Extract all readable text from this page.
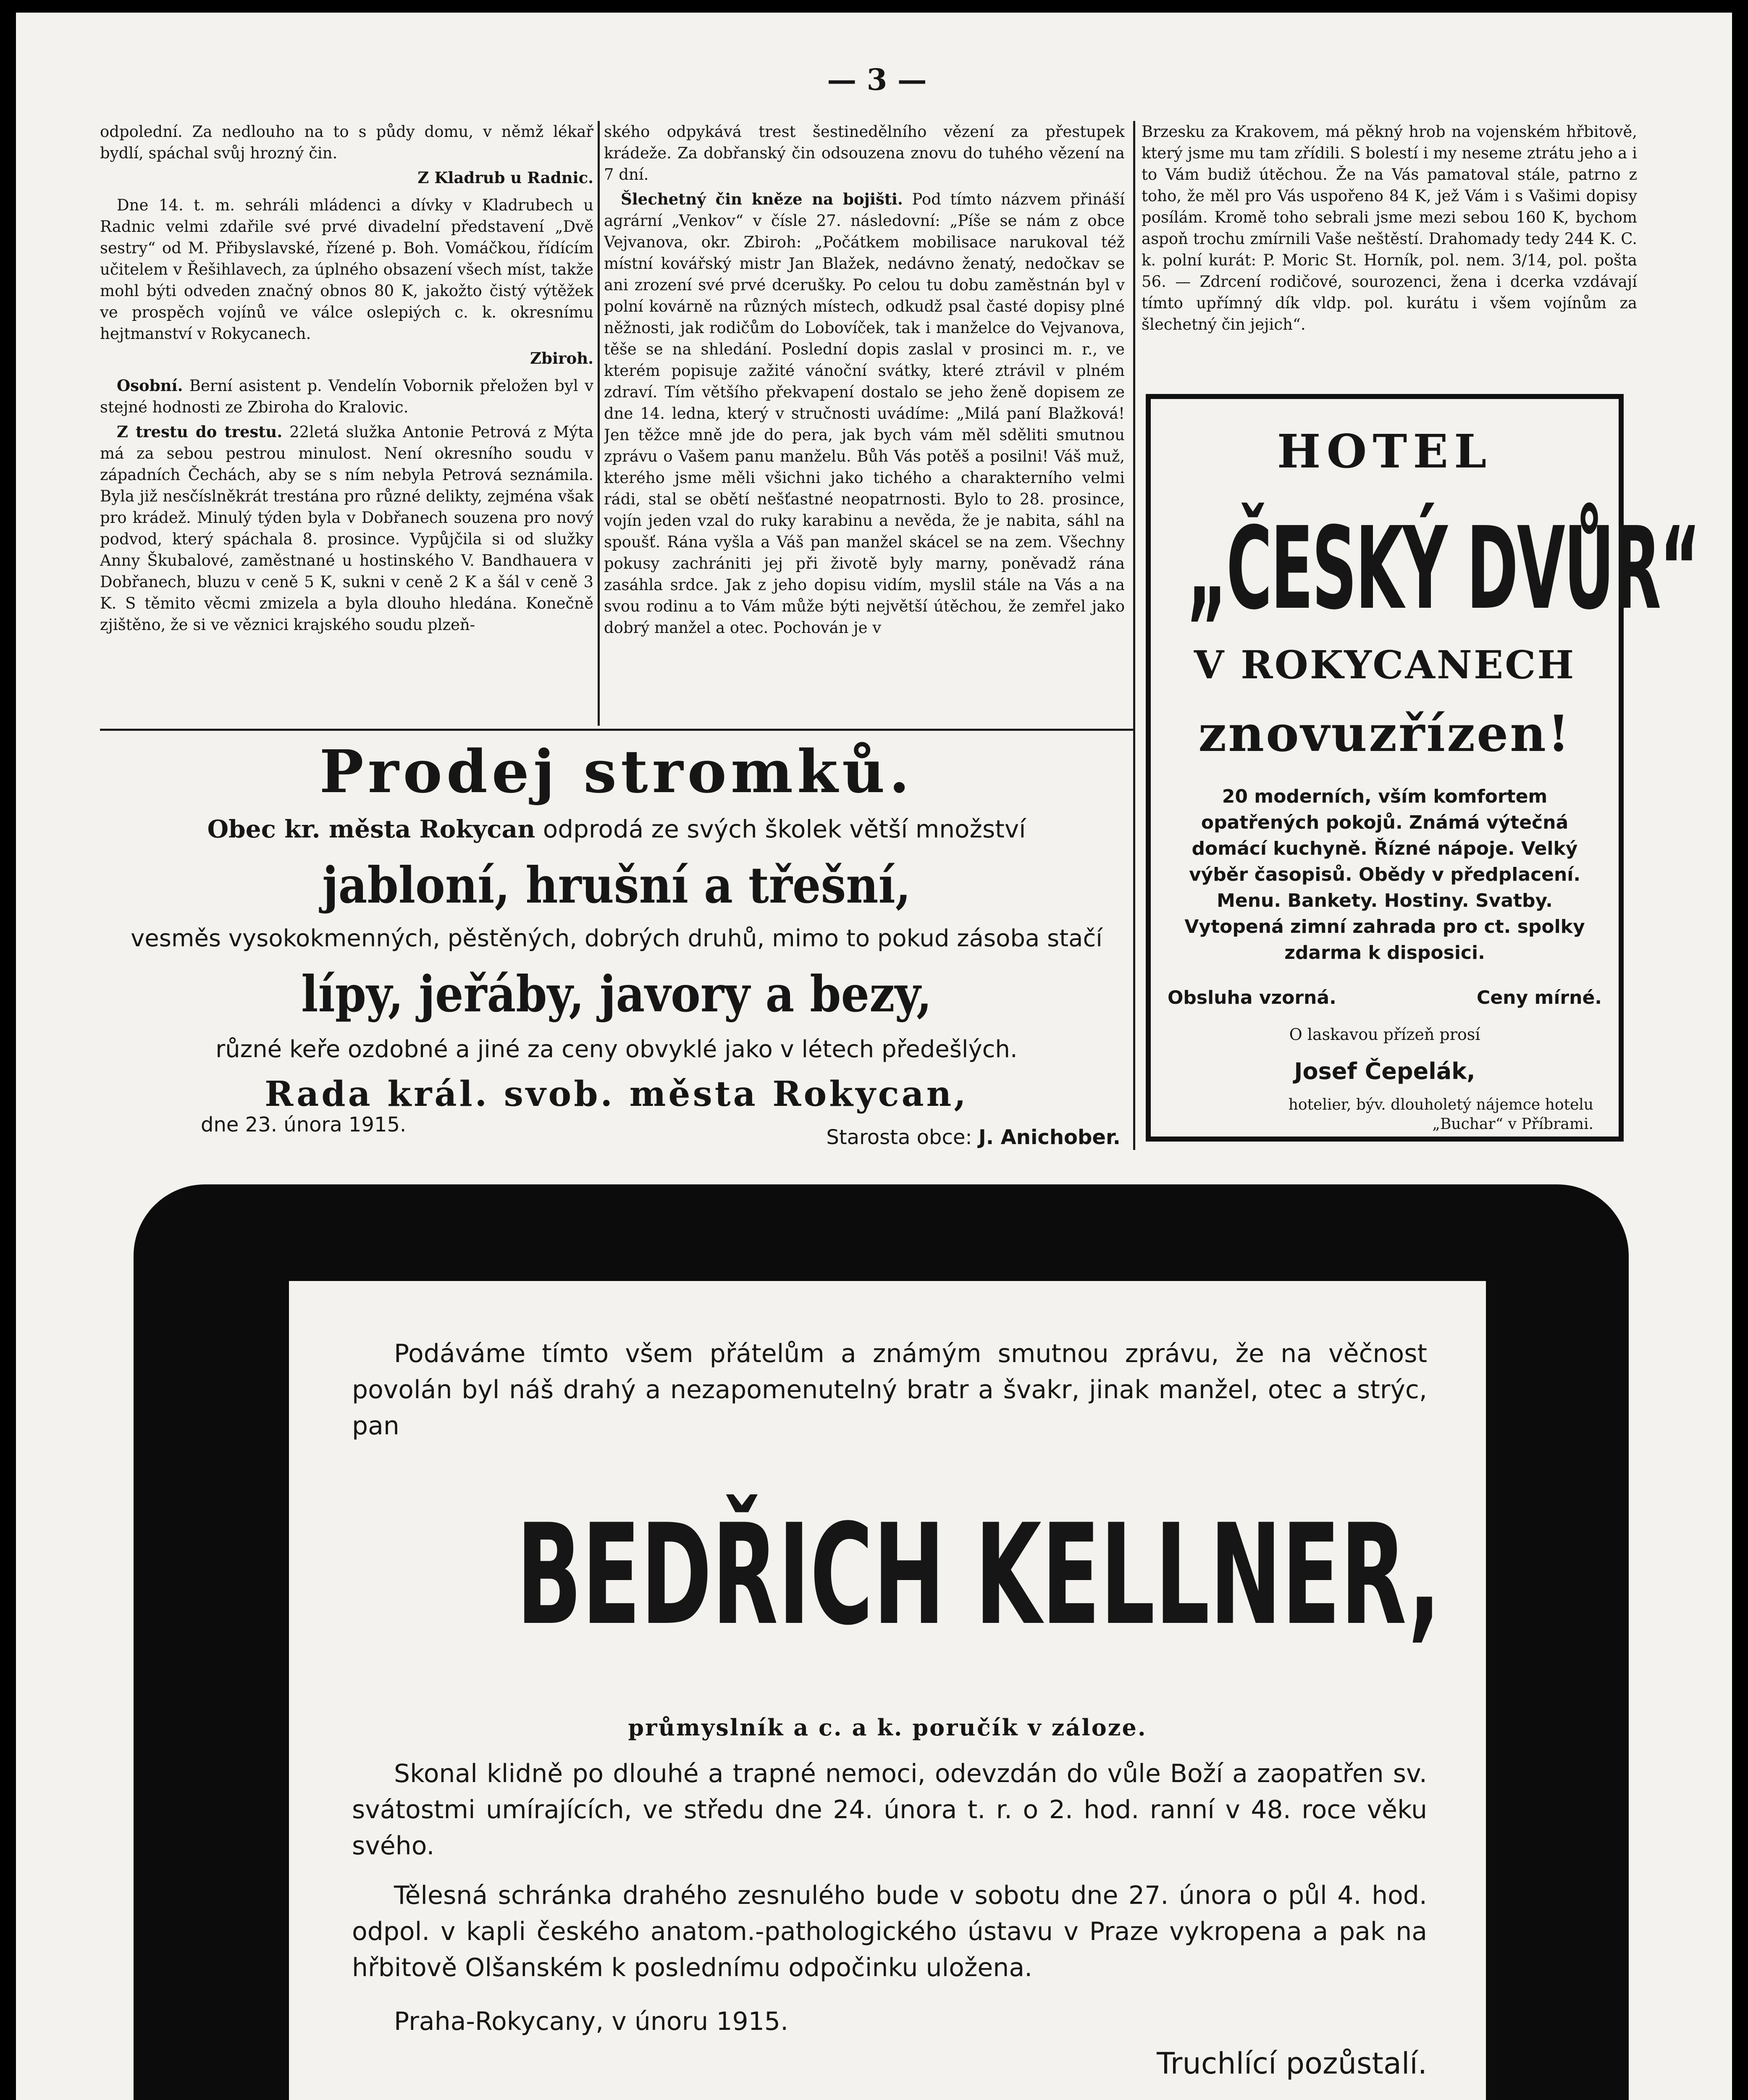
— 3 —

odpolední. Za nedlouho na to s půdy domu, v němž lékař bydlí, spáchal svůj hrozný čin.

Z Kladrub u Radnic.

Dne 14. t. m. sehráli mládenci a dívky v Kladrubech u Radnic velmi zdařile své prvé divadelní představení „Dvě sestry“ od M. Přibyslavské, řízené p. Boh. Vomáčkou, řídícím učitelem v Řešihlavech, za úplného obsazení všech míst, takže mohl býti odveden značný obnos 80 K, jakožto čistý výtěžek ve prospěch vojínů ve válce oslepiých c. k. okresnímu hejtmanství v Rokycanech.

Zbiroh.

Osobní. Berní asistent p. Vendelín Vobornik přeložen byl v stejné hodnosti ze Zbiroha do Kralovic.

Z trestu do trestu. 22letá služka Antonie Petrová z Mýta má za sebou pestrou minulost. Není okresního soudu v západních Čechách, aby se s ním nebyla Petrová seznámila. Byla již nesčíslněkrát trestána pro různé delikty, zejména však pro krádež. Minulý týden byla v Dobřanech souzena pro nový podvod, který spáchala 8. prosince. Vypůjčila si od služky Anny Škubalové, zaměstnané u hostinského V. Bandhauera v Dobřanech, bluzu v ceně 5 K, sukni v ceně 2 K a šál v ceně 3 K. S těmito věcmi zmizela a byla dlouho hledána. Konečně zjištěno, že si ve věznici krajského soudu plzeň-

ského odpykává trest šestinedělního vězení za přestupek krádeže. Za dobřanský čin odsouzena znovu do tuhého vězení na 7 dní.

Šlechetný čin kněze na bojišti. Pod tímto názvem přináší agrární „Venkov“ v čísle 27. následovní: „Píše se nám z obce Vejvanova, okr. Zbiroh: „Počátkem mobilisace narukoval též místní kovářský mistr Jan Blažek, nedávno ženatý, nedočkav se ani zrození své prvé dcerušky. Po celou tu dobu zaměstnán byl v polní kovárně na různých místech, odkudž psal časté dopisy plné něžnosti, jak rodičům do Lobovíček, tak i manželce do Vejvanova, těše se na shledání. Poslední dopis zaslal v prosinci m. r., ve kterém popisuje zažité vánoční svátky, které ztrávil v plném zdraví. Tím většího překvapení dostalo se jeho ženě dopisem ze dne 14. ledna, který v stručnosti uvádíme: „Milá paní Blažková! Jen těžce mně jde do pera, jak bych vám měl sděliti smutnou zprávu o Vašem panu manželu. Bůh Vás potěš a posilni! Váš muž, kterého jsme měli všichni jako tichého a charakterního velmi rádi, stal se obětí nešťastné neopatrnosti. Bylo to 28. prosince, vojín jeden vzal do ruky karabinu a nevěda, že je nabita, sáhl na spoušť. Rána vyšla a Váš pan manžel skácel se na zem. Všechny pokusy zachrániti jej při životě byly marny, poněvadž rána zasáhla srdce. Jak z jeho dopisu vidím, myslil stále na Vás a na svou rodinu a to Vám může býti největší útěchou, že zemřel jako dobrý manžel a otec. Pochován je v

Brzesku za Krakovem, má pěkný hrob na vojenském hřbitově, který jsme mu tam zřídili. S bolestí i my neseme ztrátu jeho a i to Vám budiž útěchou. Že na Vás pamatoval stále, patrno z toho, že měl pro Vás uspořeno 84 K, jež Vám i s Vašimi dopisy posílám. Kromě toho sebrali jsme mezi sebou 160 K, bychom aspoň trochu zmírnili Vaše neštěstí. Drahomady tedy 244 K. C. k. polní kurát: P. Moric St. Horník, pol. nem. 3/14, pol. pošta 56. — Zdrcení rodičové, sourozenci, žena i dcerka vzdávají tímto upřímný dík vldp. pol. kurátu i všem vojínům za šlechetný čin jejich“.

HOTEL
„ČESKÝ DVŮR“
V ROKYCANECH
znovuzřízen!
20 moderních, vším komfortem opatřených pokojů. Známá výtečná domácí kuchyně. Řízné nápoje. Velký výběr časopisů. Obědy v předplacení. Menu. Bankety. Hostiny. Svatby. Vytopená zimní zahrada pro ct. spolky zdarma k disposici.
Obsluha vzorná.	Ceny mírné.
O laskavou přízeň prosí
Josef Čepelák,
hotelier, býv. dlouholetý nájemce hotelu „Buchar“ v Příbrami.
Prodej stromků.
Obec kr. města Rokycan odprodá ze svých školek větší množství
jabloní, hrušní a třešní,
vesměs vysokokmenných, pěstěných, dobrých druhů, mimo to pokud zásoba stačí
lípy, jeřáby, javory a bezy,
různé keře ozdobné a jiné za ceny obvyklé jako v létech předešlých.
Rada král. svob. města Rokycan,
dne 23. února 1915.
Starosta obce: J. Anichober.
Podáváme tímto všem přátelům a známým smutnou zprávu, že na věčnost povolán byl náš drahý a nezapomenutelný bratr a švakr, jinak manžel, otec a strýc, pan
BEDŘICH KELLNER,
průmyslník a c. a k. poručík v záloze.
Skonal klidně po dlouhé a trapné nemoci, odevzdán do vůle Boží a zaopatřen sv. svátostmi umírajících, ve středu dne 24. února t. r. o 2. hod. ranní v 48. roce věku svého.
Tělesná schránka drahého zesnulého bude v sobotu dne 27. února o půl 4. hod. odpol. v kapli českého anatom.-pathologického ústavu v Praze vykropena a pak na hřbitově Olšanském k poslednímu odpočinku uložena.
Praha-Rokycany, v únoru 1915.
Truchlící pozůstalí.
